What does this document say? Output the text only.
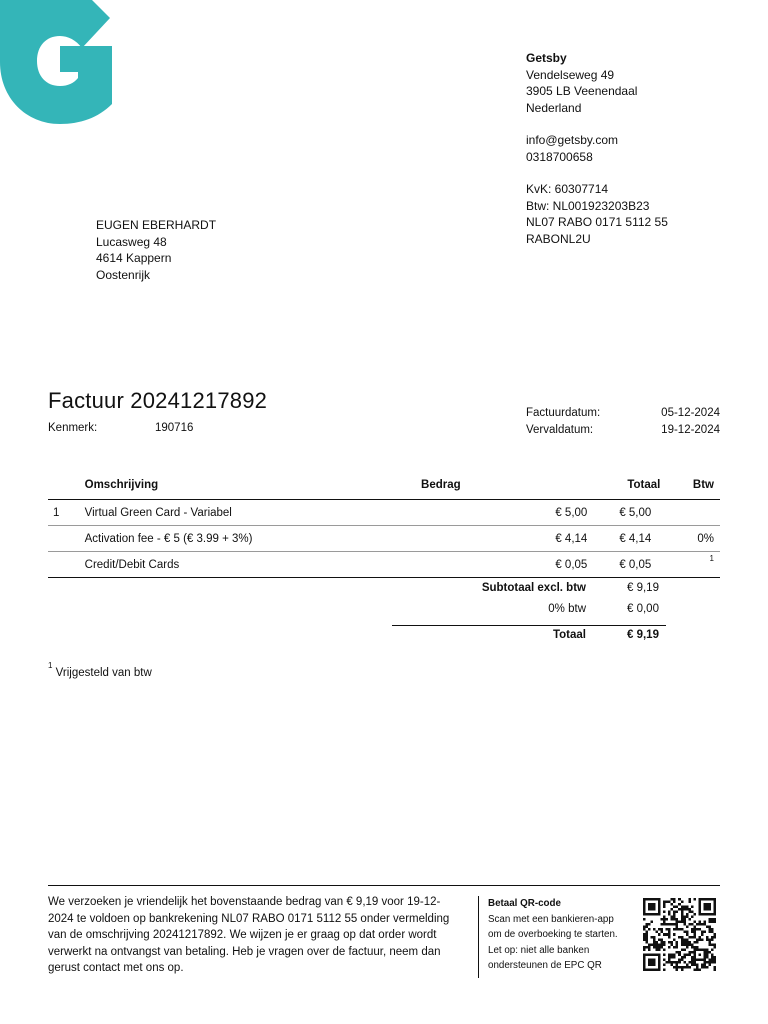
Getsby
Vendelseweg 49
3905 LB Veenendaal
Nederland
info@getsby.com
0318700658
KvK: 60307714
Btw: NL001923203B23
NL07 RABO 0171 5112 55
RABONL2U
EUGEN EBERHARDT
Lucasweg 48
4614 Kappern
Oostenrijk
Factuur 20241217892
Kenmerk:	190716
Factuurdatum:	05-12-2024
Vervaldatum:	19-12-2024
	Omschrijving	Bedrag	Totaal	Btw
1	Virtual Green Card - Variabel	€ 5,00	€ 5,00	
	Activation fee - € 5 (€ 3.99 + 3%)	€ 4,14	€ 4,14	0%
	Credit/Debit Cards	€ 0,05	€ 0,05	$^1$
Subtotaal excl. btw	€ 9,19
0% btw	€ 0,00
Totaal	€ 9,19
$^1$ Vrijgesteld van btw
We verzoeken je vriendelijk het bovenstaande bedrag van € 9,19 voor 19-12-2024 te voldoen op bankrekening NL07 RABO 0171 5112 55 onder vermelding van de omschrijving 20241217892. We wijzen je er graag op dat order wordt verwerkt na ontvangst van betaling. Heb je vragen over de factuur, neem dan gerust contact met ons op.
Betaal QR-code
Scan met een bankieren-app
om de overboeking te starten.
Let op: niet alle banken
ondersteunen de EPC QR
